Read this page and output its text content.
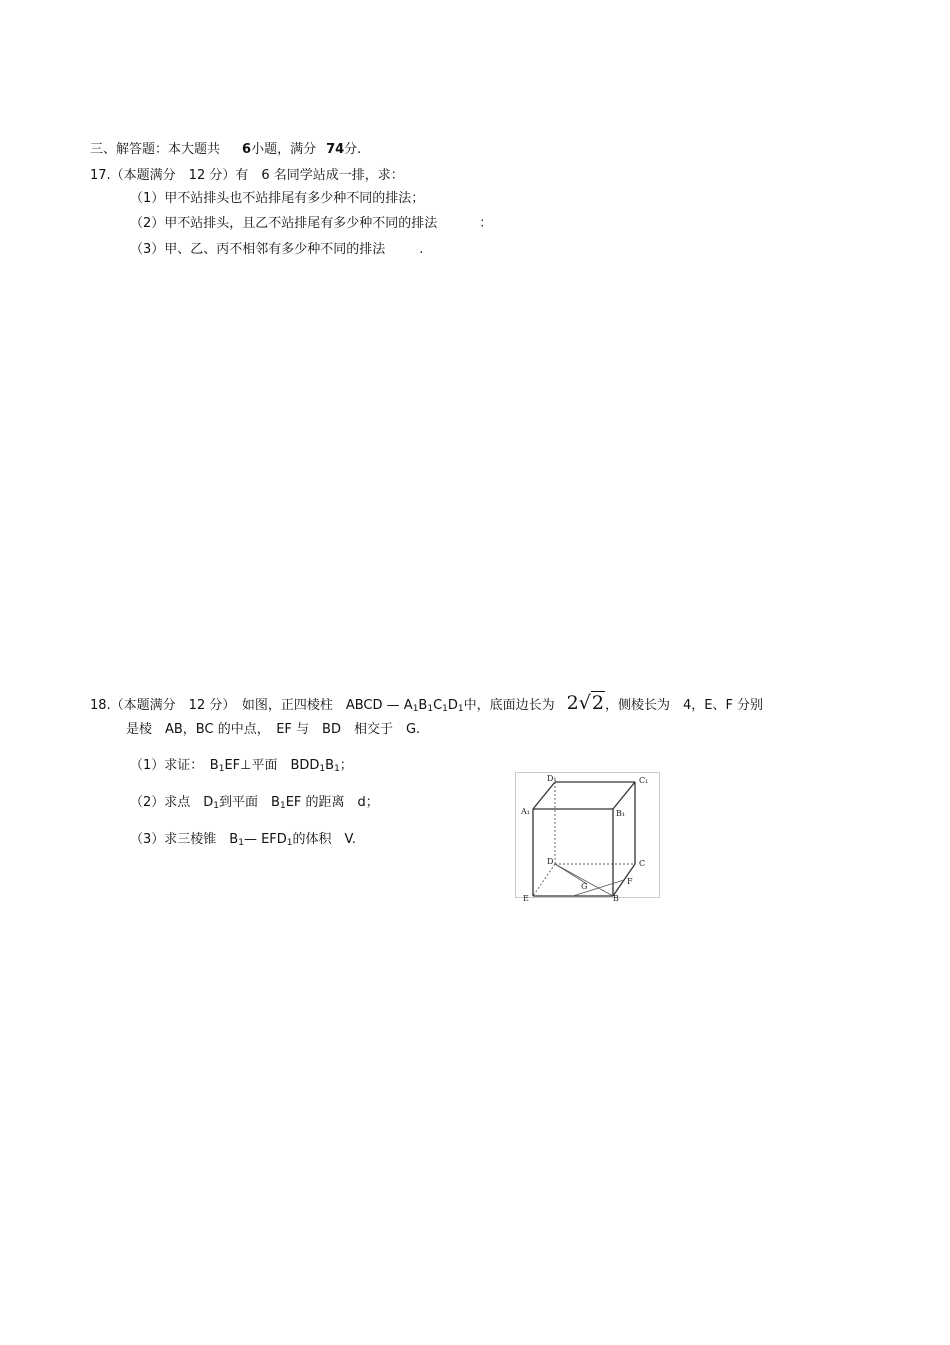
三、解答题：本大题共 6小题，满分 74分.
17.（本题满分　12 分）有　6 名同学站成一排，求：
（1）甲不站排头也不站排尾有多少种不同的排法；
（2）甲不站排头，且乙不站排尾有多少种不同的排法	：
（3）甲、乙、丙不相邻有多少种不同的排法	.
18.（本题满分　12 分）　如图，正四棱柱　ABCD — $A_1B_1C_1D_1$中，底面边长为 2√2，侧棱长为　4，E、F 分别
是棱　AB，BC 的中点，　EF 与　BD　相交于　G.
（1）求证：　$B_1EF\perp$平面　$BDD_1B_1$；
（2）求点　$D_1$到平面　$B_1EF$ 的距离　d；
（3）求三棱锥　$B_1—$ $EFD_1$的体积　V.
D₁	C₁
A₁	B₁
D	C
G
F
E	B
